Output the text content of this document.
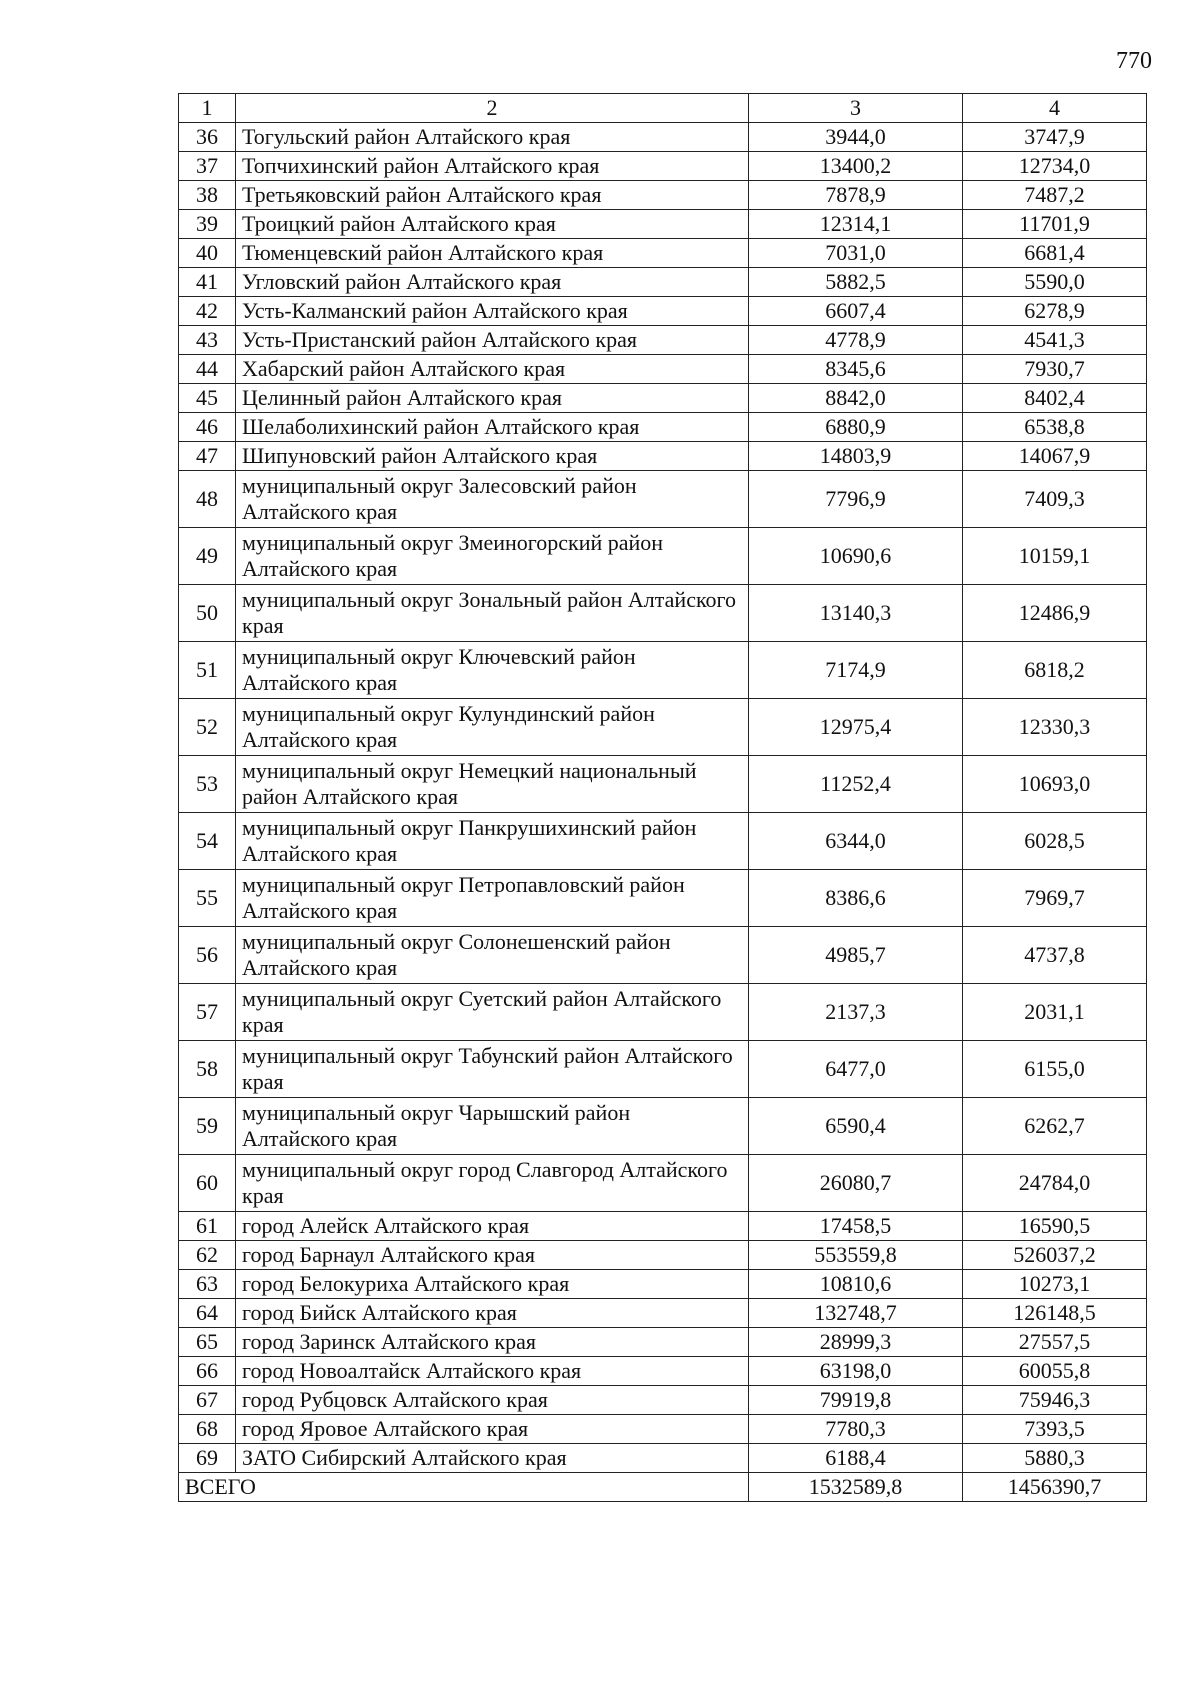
770
1	2	3	4
36	Тогульский район Алтайского края	3944,0	3747,9
37	Топчихинский район Алтайского края	13400,2	12734,0
38	Третьяковский район Алтайского края	7878,9	7487,2
39	Троицкий район Алтайского края	12314,1	11701,9
40	Тюменцевский район Алтайского края	7031,0	6681,4
41	Угловский район Алтайского края	5882,5	5590,0
42	Усть-Калманский район Алтайского края	6607,4	6278,9
43	Усть-Пристанский район Алтайского края	4778,9	4541,3
44	Хабарский район Алтайского края	8345,6	7930,7
45	Целинный район Алтайского края	8842,0	8402,4
46	Шелаболихинский район Алтайского края	6880,9	6538,8
47	Шипуновский район Алтайского края	14803,9	14067,9
48	муниципальный округ Залесовский район Алтайского края	7796,9	7409,3
49	муниципальный округ Змеиногорский район Алтайского края	10690,6	10159,1
50	муниципальный округ Зональный район Алтайского края	13140,3	12486,9
51	муниципальный округ Ключевский район Алтайского края	7174,9	6818,2
52	муниципальный округ Кулундинский район Алтайского края	12975,4	12330,3
53	муниципальный округ Немецкий национальный район Алтайского края	11252,4	10693,0
54	муниципальный округ Панкрушихинский район Алтайского края	6344,0	6028,5
55	муниципальный округ Петропавловский район Алтайского края	8386,6	7969,7
56	муниципальный округ Солонешенский район Алтайского края	4985,7	4737,8
57	муниципальный округ Суетский район Алтайского края	2137,3	2031,1
58	муниципальный округ Табунский район Алтайского края	6477,0	6155,0
59	муниципальный округ Чарышский район Алтайского края	6590,4	6262,7
60	муниципальный округ город Славгород Алтайского края	26080,7	24784,0
61	город Алейск Алтайского края	17458,5	16590,5
62	город Барнаул Алтайского края	553559,8	526037,2
63	город Белокуриха Алтайского края	10810,6	10273,1
64	город Бийск Алтайского края	132748,7	126148,5
65	город Заринск Алтайского края	28999,3	27557,5
66	город Новоалтайск Алтайского края	63198,0	60055,8
67	город Рубцовск Алтайского края	79919,8	75946,3
68	город Яровое Алтайского края	7780,3	7393,5
69	ЗАТО Сибирский Алтайского края	6188,4	5880,3
ВСЕГО		1532589,8	1456390,7
